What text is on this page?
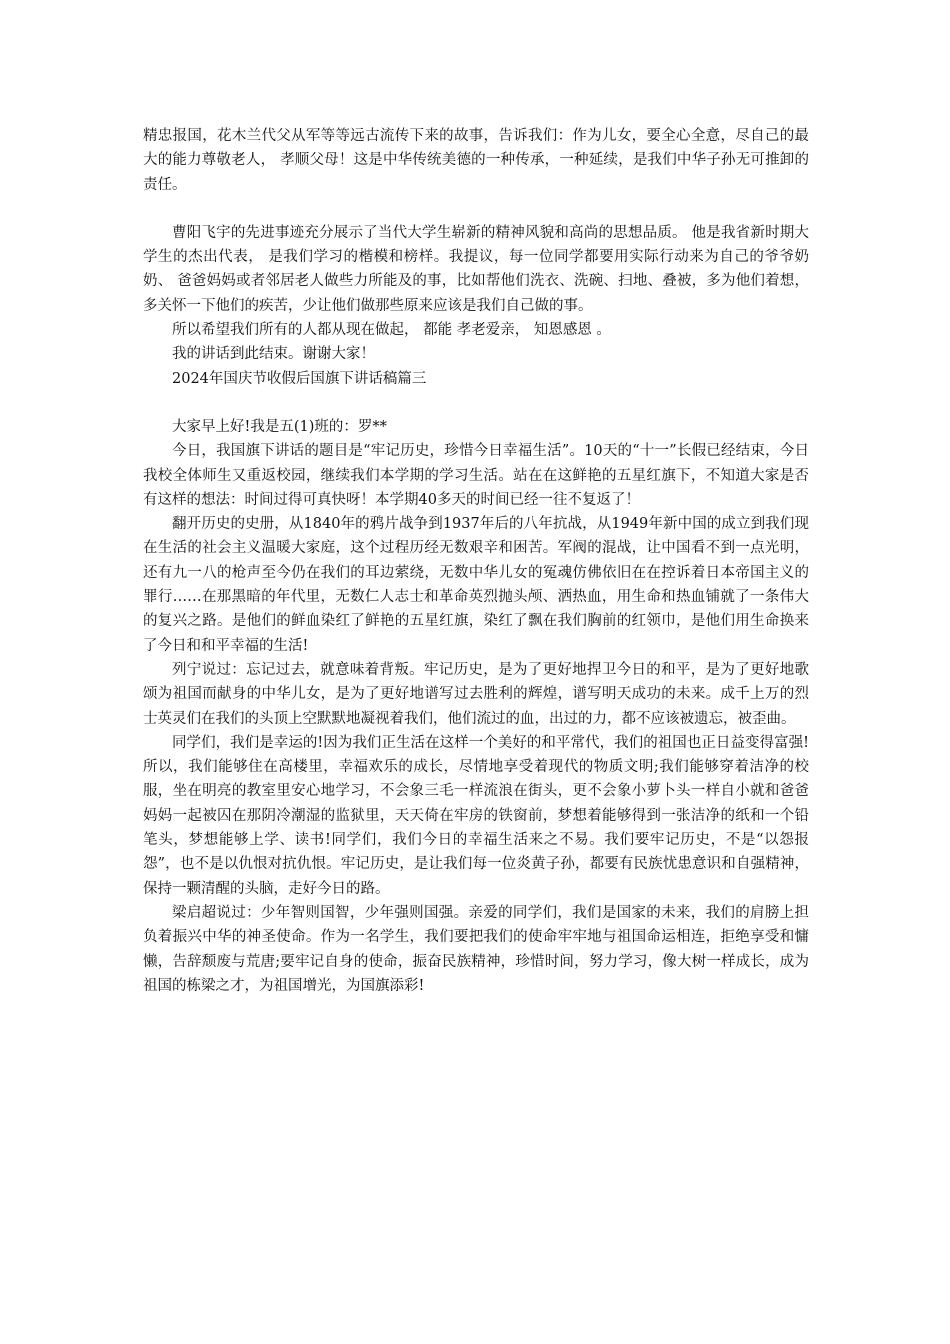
精忠报国，花木兰代父从军等等远古流传下来的故事，告诉我们：作为儿女，要全心全意，尽自己的最大的能力尊敬老人， 孝顺父母！这是中华传统美德的一种传承，一种延续，是我们中华子孙无可推卸的责任。

曹阳飞宇的先进事迹充分展示了当代大学生崭新的精神风貌和高尚的思想品质。 他是我省新时期大学生的杰出代表， 是我们学习的楷模和榜样。我提议，每一位同学都要用实际行动来为自己的爷爷奶奶、 爸爸妈妈或者邻居老人做些力所能及的事，比如帮他们洗衣、洗碗、扫地、叠被，多为他们着想，多关怀一下他们的疾苦，少让他们做那些原来应该是我们自己做的事。

所以希望我们所有的人都从现在做起， 都能 孝老爱亲， 知恩感恩 。

我的讲话到此结束。谢谢大家！

2024年国庆节收假后国旗下讲话稿篇三

大家早上好!我是五(1)班的：罗**

今日，我国旗下讲话的题目是“牢记历史，珍惜今日幸福生活”。10天的“十一”长假已经结束，今日我校全体师生又重返校园，继续我们本学期的学习生活。站在在这鲜艳的五星红旗下，不知道大家是否有这样的想法：时间过得可真快呀！本学期40多天的时间已经一往不复返了！

翻开历史的史册，从1840年的鸦片战争到1937年后的八年抗战，从1949年新中国的成立到我们现在生活的社会主义温暖大家庭，这个过程历经无数艰辛和困苦。军阀的混战，让中国看不到一点光明，还有九一八的枪声至今仍在我们的耳边萦绕，无数中华儿女的冤魂仿佛依旧在在控诉着日本帝国主义的罪行……在那黑暗的年代里，无数仁人志士和革命英烈抛头颅、洒热血，用生命和热血铺就了一条伟大的复兴之路。是他们的鲜血染红了鲜艳的五星红旗，染红了飘在我们胸前的红领巾，是他们用生命换来了今日和和平幸福的生活!

列宁说过：忘记过去，就意味着背叛。牢记历史，是为了更好地捍卫今日的和平，是为了更好地歌颂为祖国而献身的中华儿女，是为了更好地谱写过去胜利的辉煌，谱写明天成功的未来。成千上万的烈士英灵们在我们的头顶上空默默地凝视着我们，他们流过的血，出过的力，都不应该被遗忘，被歪曲。

同学们，我们是幸运的!因为我们正生活在这样一个美好的和平常代，我们的祖国也正日益变得富强!所以，我们能够住在高楼里，幸福欢乐的成长，尽情地享受着现代的物质文明;我们能够穿着洁净的校服，坐在明亮的教室里安心地学习，不会象三毛一样流浪在街头，更不会象小萝卜头一样自小就和爸爸妈妈一起被囚在那阴冷潮湿的监狱里，天天倚在牢房的铁窗前，梦想着能够得到一张洁净的纸和一个铅笔头，梦想能够上学、读书!同学们，我们今日的幸福生活来之不易。我们要牢记历史，不是“以怨报怨”，也不是以仇恨对抗仇恨。牢记历史，是让我们每一位炎黄子孙，都要有民族忧患意识和自强精神，保持一颗清醒的头脑，走好今日的路。

梁启超说过：少年智则国智，少年强则国强。亲爱的同学们，我们是国家的未来，我们的肩膀上担负着振兴中华的神圣使命。作为一名学生，我们要把我们的使命牢牢地与祖国命运相连，拒绝享受和慵懒，告辞颓废与荒唐;要牢记自身的使命，振奋民族精神，珍惜时间，努力学习，像大树一样成长，成为祖国的栋梁之才，为祖国增光，为国旗添彩!
